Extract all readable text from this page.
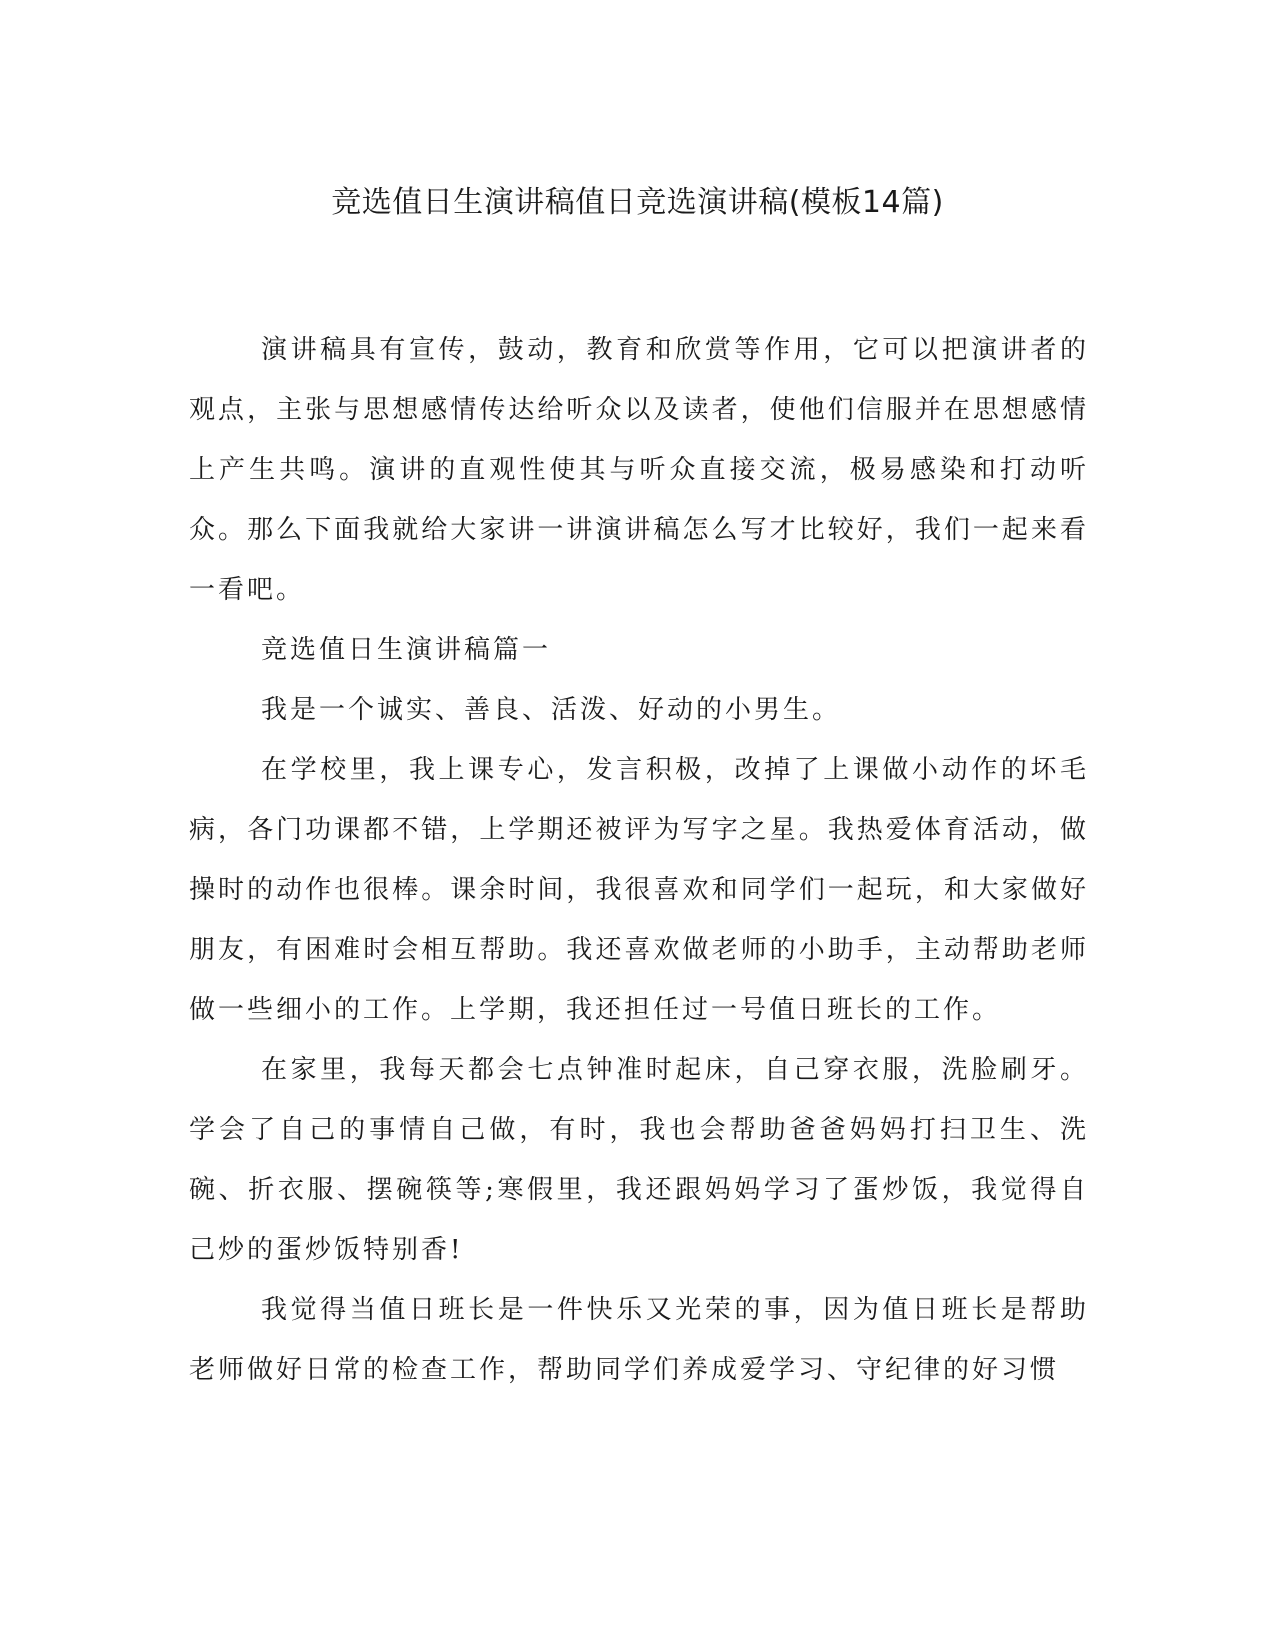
竞选值日生演讲稿值日竞选演讲稿(模板14篇)

演讲稿具有宣传，鼓动，教育和欣赏等作用，它可以把演讲者的观点，主张与思想感情传达给听众以及读者，使他们信服并在思想感情上产生共鸣。演讲的直观性使其与听众直接交流，极易感染和打动听众。那么下面我就给大家讲一讲演讲稿怎么写才比较好，我们一起来看一看吧。

竞选值日生演讲稿篇一

我是一个诚实、善良、活泼、好动的小男生。

在学校里，我上课专心，发言积极，改掉了上课做小动作的坏毛病，各门功课都不错，上学期还被评为写字之星。我热爱体育活动，做操时的动作也很棒。课余时间，我很喜欢和同学们一起玩，和大家做好朋友，有困难时会相互帮助。我还喜欢做老师的小助手，主动帮助老师做一些细小的工作。上学期，我还担任过一号值日班长的工作。

在家里，我每天都会七点钟准时起床，自己穿衣服，洗脸刷牙。学会了自己的事情自己做，有时，我也会帮助爸爸妈妈打扫卫生、洗碗、折衣服、摆碗筷等;寒假里，我还跟妈妈学习了蛋炒饭，我觉得自己炒的蛋炒饭特别香!

我觉得当值日班长是一件快乐又光荣的事，因为值日班长是帮助老师做好日常的检查工作，帮助同学们养成爱学习、守纪律的好习惯
